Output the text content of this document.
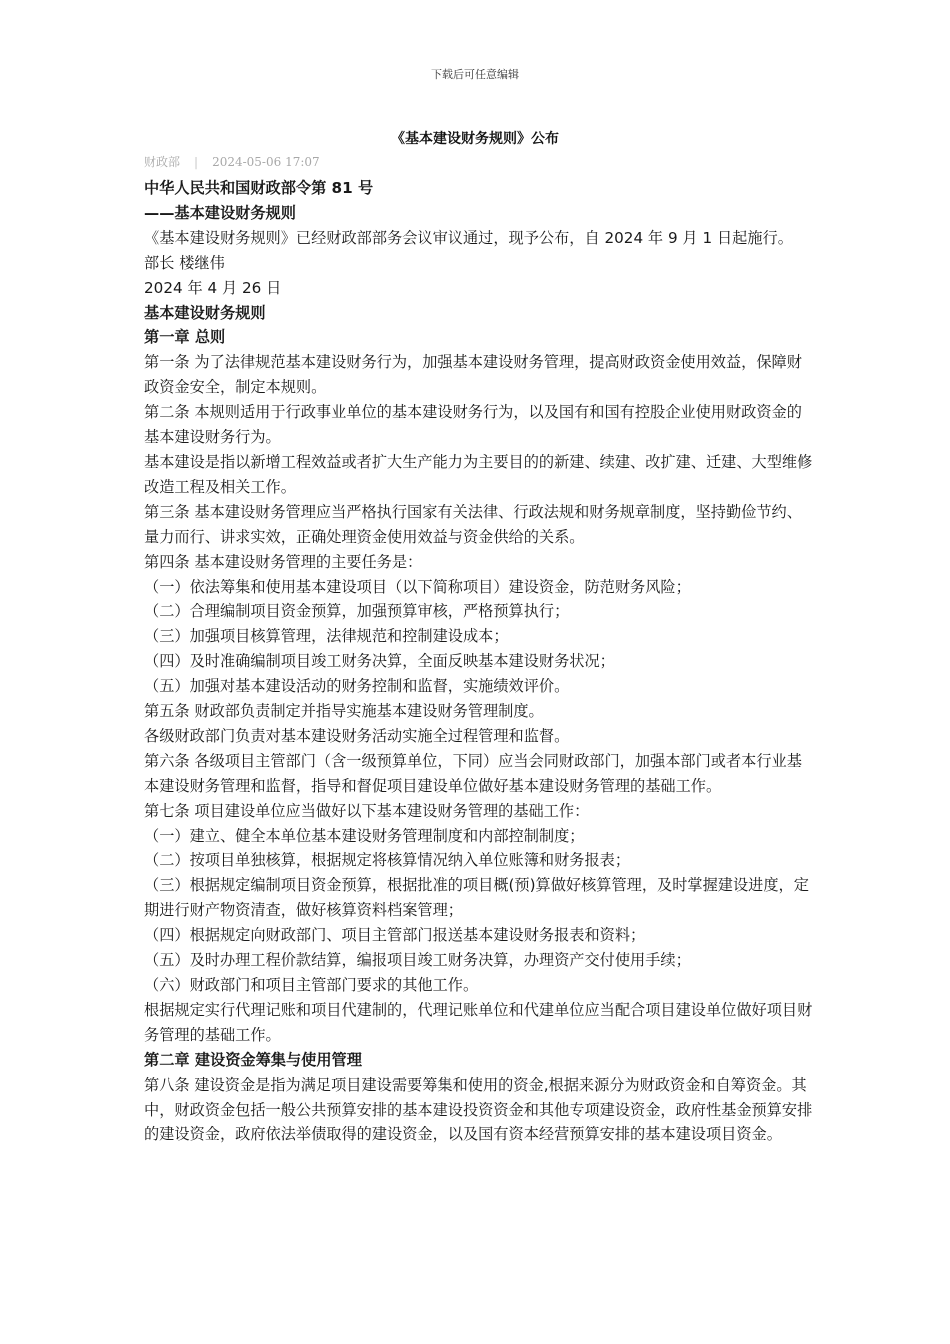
下载后可任意编辑
《基本建设财务规则》公布
财政部 | 2024-05-06 17:07

中华人民共和国财政部令第 81 号

——基本建设财务规则

《基本建设财务规则》已经财政部部务会议审议通过，现予公布，自 2024 年 9 月 1 日起施行。

部长 楼继伟

2024 年 4 月 26 日

基本建设财务规则

第一章 总则

第一条 为了法律规范基本建设财务行为，加强基本建设财务管理，提高财政资金使用效益，保障财政资金安全，制定本规则。

第二条 本规则适用于行政事业单位的基本建设财务行为，以及国有和国有控股企业使用财政资金的基本建设财务行为。

基本建设是指以新增工程效益或者扩大生产能力为主要目的的新建、续建、改扩建、迁建、大型维修改造工程及相关工作。

第三条 基本建设财务管理应当严格执行国家有关法律、行政法规和财务规章制度，坚持勤俭节约、量力而行、讲求实效，正确处理资金使用效益与资金供给的关系。

第四条 基本建设财务管理的主要任务是：

（一）依法筹集和使用基本建设项目（以下简称项目）建设资金，防范财务风险；

（二）合理编制项目资金预算，加强预算审核，严格预算执行；

（三）加强项目核算管理，法律规范和控制建设成本；

（四）及时准确编制项目竣工财务决算，全面反映基本建设财务状况；

（五）加强对基本建设活动的财务控制和监督，实施绩效评价。

第五条 财政部负责制定并指导实施基本建设财务管理制度。

各级财政部门负责对基本建设财务活动实施全过程管理和监督。

第六条 各级项目主管部门（含一级预算单位，下同）应当会同财政部门，加强本部门或者本行业基本建设财务管理和监督，指导和督促项目建设单位做好基本建设财务管理的基础工作。

第七条 项目建设单位应当做好以下基本建设财务管理的基础工作：

（一）建立、健全本单位基本建设财务管理制度和内部控制制度；

（二）按项目单独核算，根据规定将核算情况纳入单位账簿和财务报表；

（三）根据规定编制项目资金预算，根据批准的项目概(预)算做好核算管理，及时掌握建设进度，定期进行财产物资清查，做好核算资料档案管理；

（四）根据规定向财政部门、项目主管部门报送基本建设财务报表和资料；

（五）及时办理工程价款结算，编报项目竣工财务决算，办理资产交付使用手续；

（六）财政部门和项目主管部门要求的其他工作。

根据规定实行代理记账和项目代建制的，代理记账单位和代建单位应当配合项目建设单位做好项目财务管理的基础工作。

第二章 建设资金筹集与使用管理

第八条 建设资金是指为满足项目建设需要筹集和使用的资金,根据来源分为财政资金和自筹资金。其中，财政资金包括一般公共预算安排的基本建设投资资金和其他专项建设资金，政府性基金预算安排的建设资金，政府依法举债取得的建设资金，以及国有资本经营预算安排的基本建设项目资金。
